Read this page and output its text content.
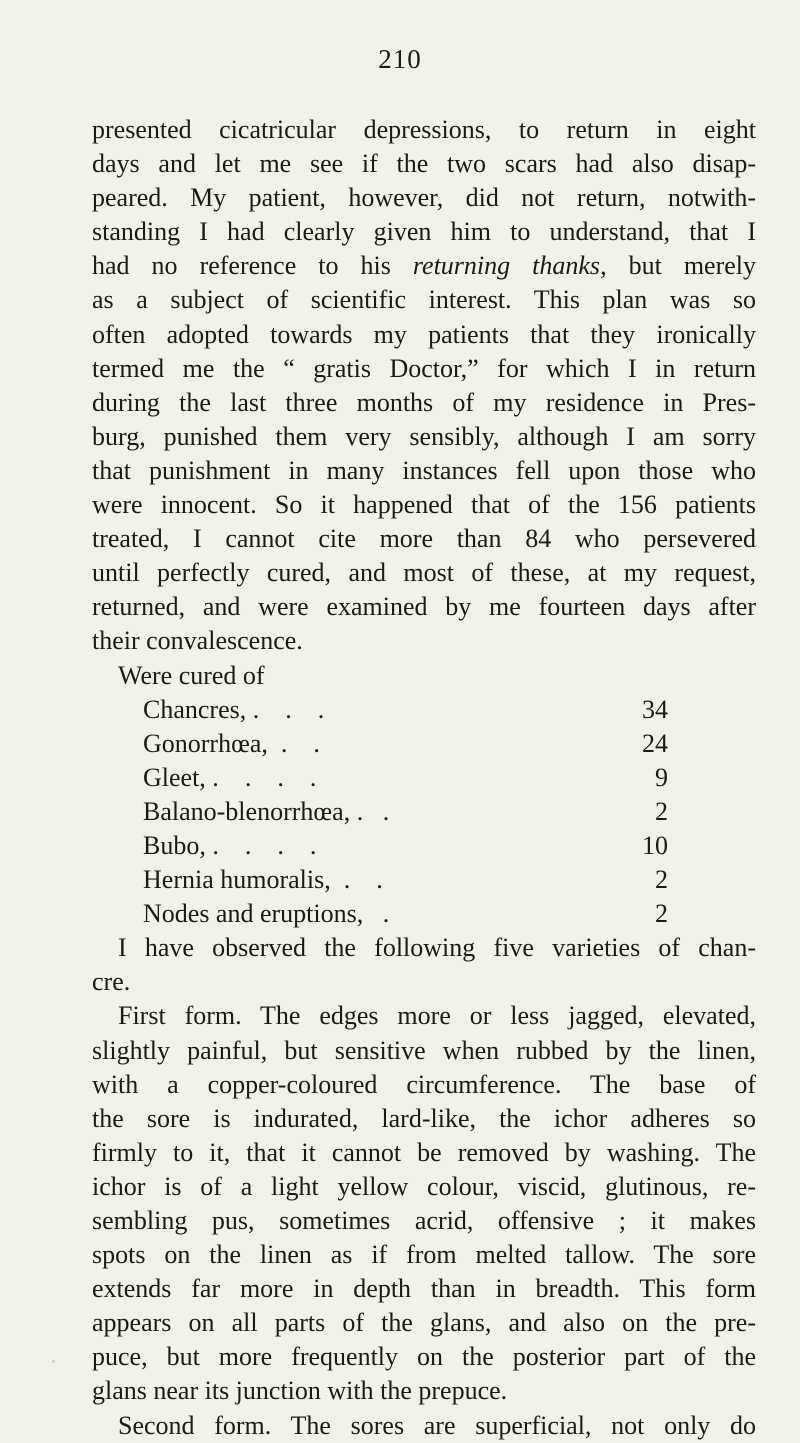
210

presented cicatricular depressions, to return in eight
days and let me see if the two scars had also disap-
peared. My patient, however, did not return, notwith-
standing I had clearly given him to understand, that I
had no reference to his returning thanks, but merely
as a subject of scientific interest. This plan was so
often adopted towards my patients that they ironically
termed me the “ gratis Doctor,” for which I in return
during the last three months of my residence in Pres-
burg, punished them very sensibly, although I am sorry
that punishment in many instances fell upon those who
were innocent. So it happened that of the 156 patients
treated, I cannot cite more than 84 who persevered
until perfectly cured, and most of these, at my request,
returned, and were examined by me fourteen days after
their convalescence.

Were cured of
Chancres, .    .    .	34
Gonorrhœa,  .    .	24
Gleet, .    .    .    .	9
Balano-blenorrhœa, .   .	2
Bubo, .    .    .    .	10
Hernia humoralis,  .    .	2
Nodes and eruptions,   .	2

I have observed the following five varieties of chan-
cre.

First form. The edges more or less jagged, elevated,
slightly painful, but sensitive when rubbed by the linen,
with a copper-coloured circumference. The base of
the sore is indurated, lard-like, the ichor adheres so
firmly to it, that it cannot be removed by washing. The
ichor is of a light yellow colour, viscid, glutinous, re-
sembling pus, sometimes acrid, offensive ; it makes
spots on the linen as if from melted tallow. The sore
extends far more in depth than in breadth. This form
appears on all parts of the glans, and also on the pre-
puce, but more frequently on the posterior part of the
glans near its junction with the prepuce.

Second form. The sores are superficial, not only do
